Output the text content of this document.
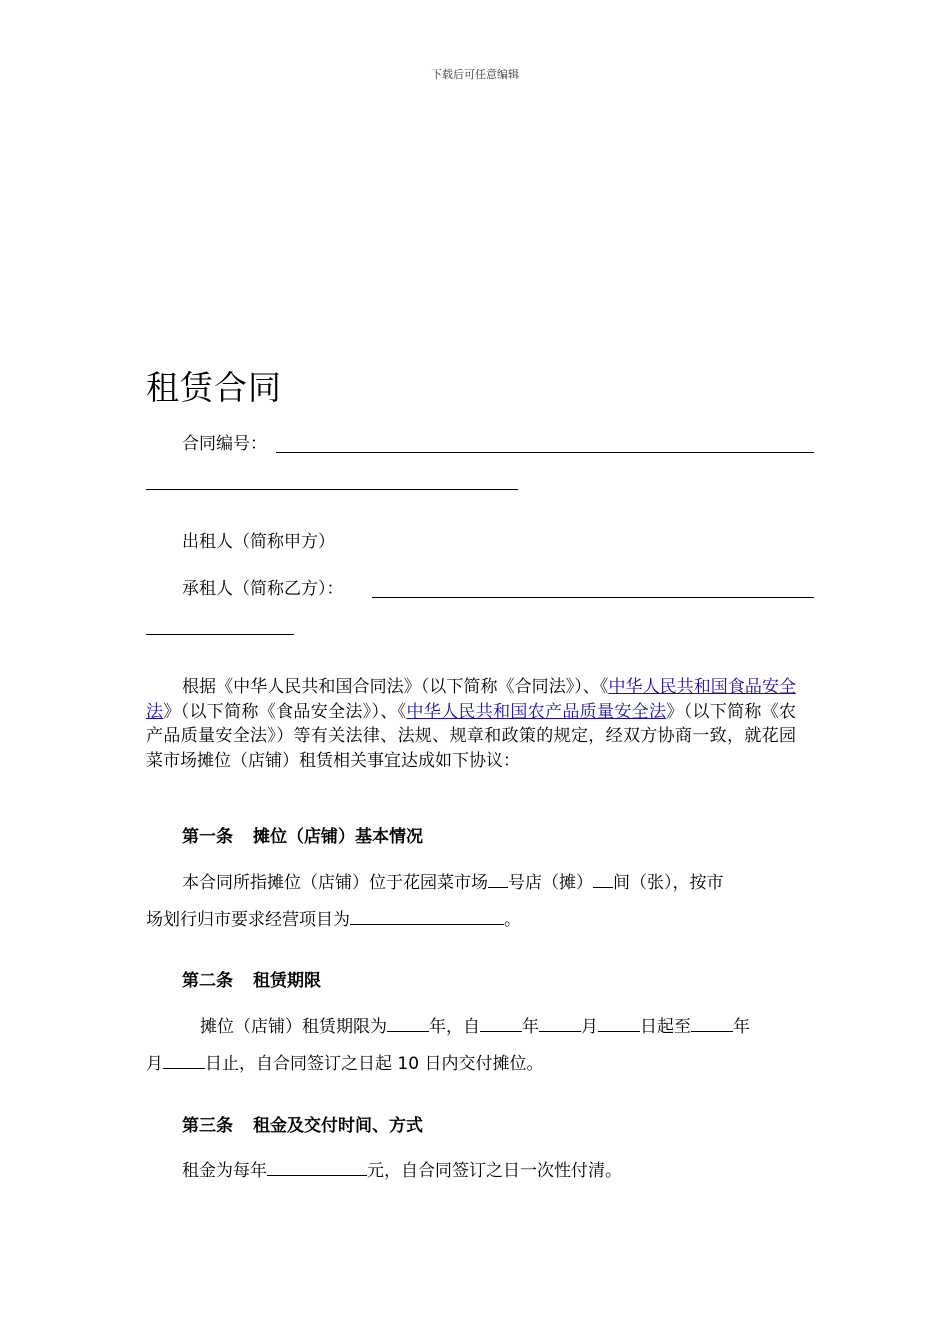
下载后可任意编辑
租赁合同
合同编号：
出租人（简称甲方）
承租人（简称乙方）：
根据《中华人民共和国合同法》（以下简称《合同法》）、《中华人民共和国食品安全法》（以下简称《食品安全法》）、《中华人民共和国农产品质量安全法》（以下简称《农产品质量安全法》）等有关法律、法规、规章和政策的规定，经双方协商一致，就花园菜市场摊位（店铺）租赁相关事宜达成如下协议：
第一条 摊位（店铺）基本情况
本合同所指摊位（店铺）位于花园菜市场 号店（摊） 间（张），按市
场划行归市要求经营项目为	。
第二条 租赁期限
摊位（店铺）租赁期限为 年，自 年 月 日起至 年
月 日止，自合同签订之日起 10 日内交付摊位。
第三条 租金及交付时间、方式
租金为每年	元，自合同签订之日一次性付清。
